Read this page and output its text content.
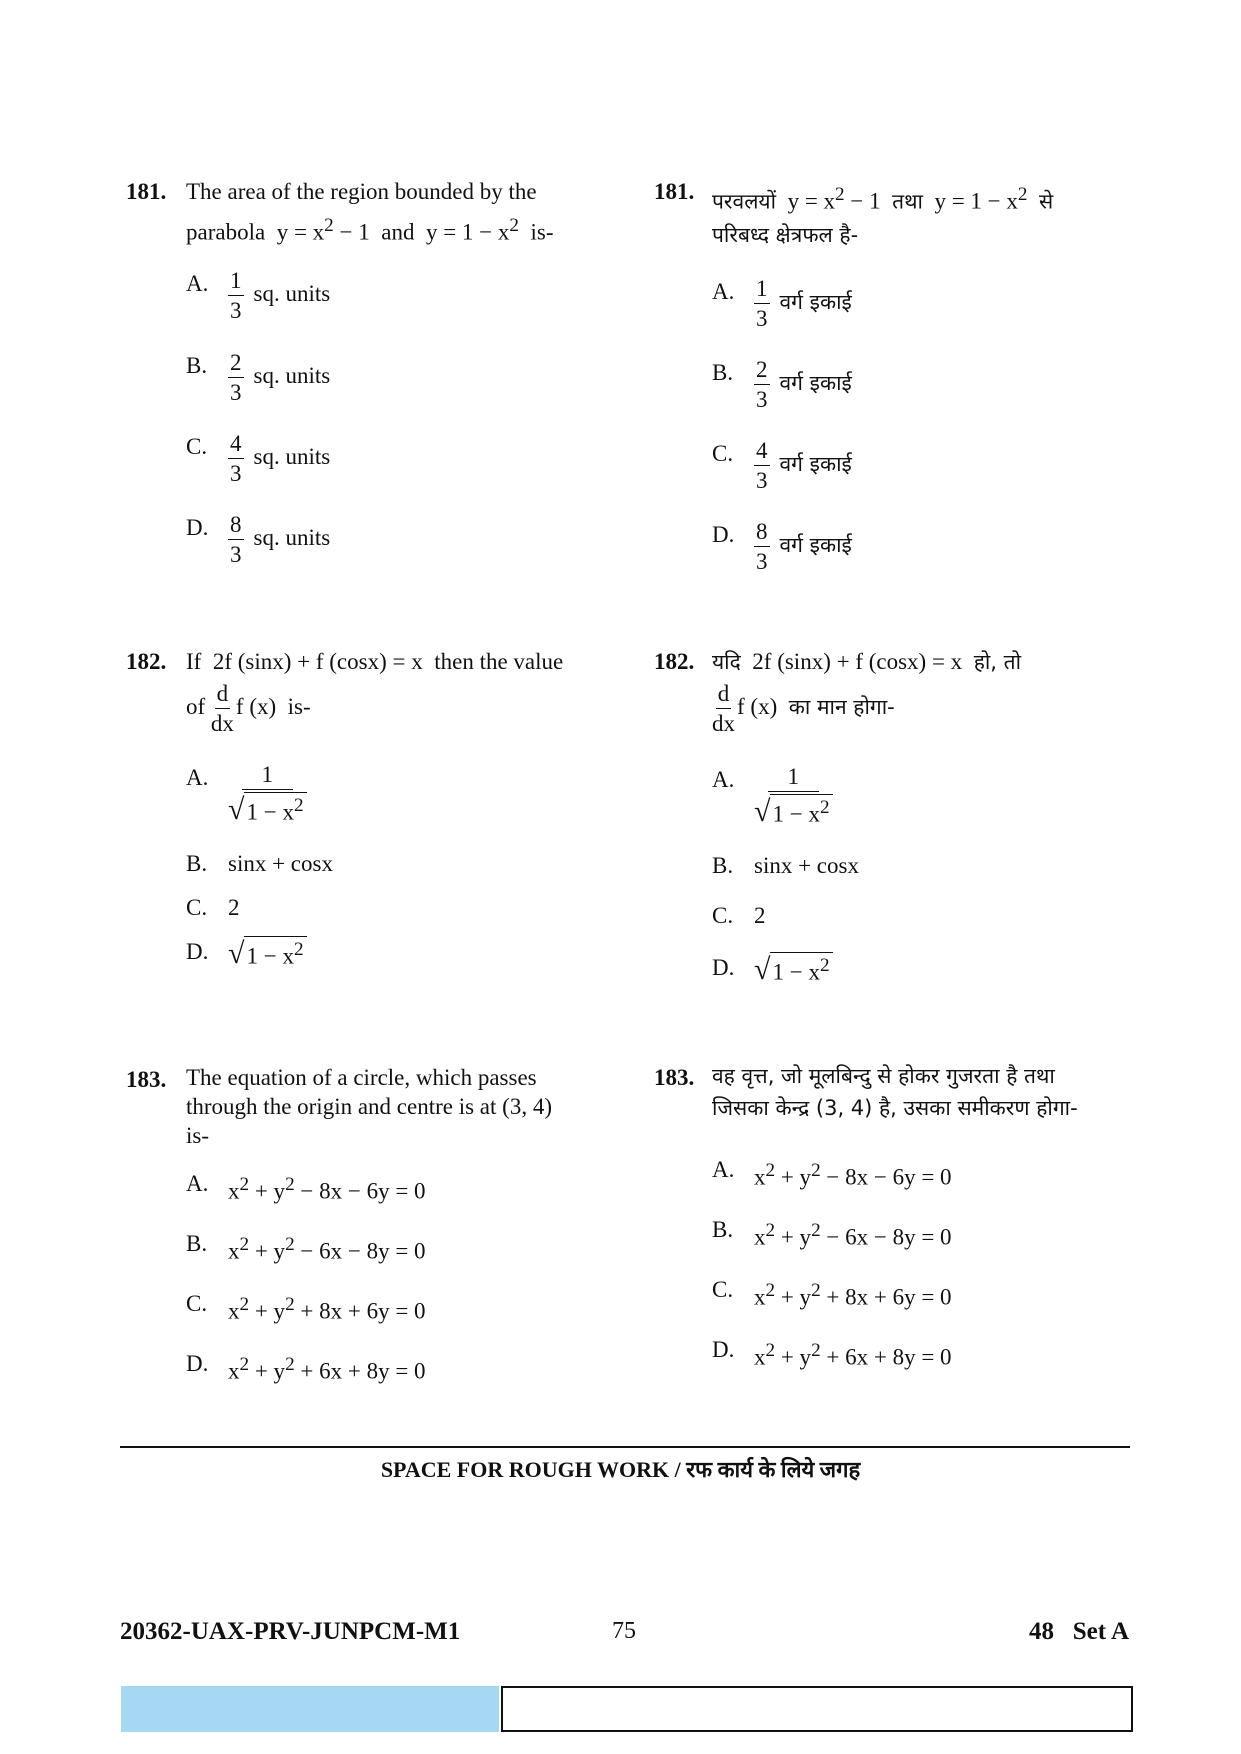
181. The area of the region bounded by the
parabola $y = x^2 - 1$ and $y = 1 - x^2$ is-
A. $\frac{1}{3}$ sq. units
B. $\frac{2}{3}$ sq. units
C. $\frac{4}{3}$ sq. units
D. $\frac{8}{3}$ sq. units
182. If 2f (sinx) + f (cosx) = x then the value
of $\frac{d}{dx}$ f (x) is-
A. $\frac{1}{√ 1 - x^2}$
B. sinx + cosx
C. 2
D. √ $1 - x^2$
183. The equation of a circle, which passes
through the origin and centre is at (3, 4)
is-
A. $x^2 + y^2 - 8x - 6y = 0$
B. $x^2 + y^2 - 6x - 8y = 0$
C. $x^2 + y^2 + 8x + 6y = 0$
D. $x^2 + y^2 + 6x + 8y = 0$
181. परवलयों $y = x^2 - 1$ तथा $y = 1 - x^2$ से
परिबध्द क्षेत्रफल है-
A. $\frac{1}{3}$ वर्ग इकाई
B. $\frac{2}{3}$ वर्ग इकाई
C. $\frac{4}{3}$ वर्ग इकाई
D. $\frac{8}{3}$ वर्ग इकाई
182. यदि 2f (sinx) + f (cosx) = x हो, तो
$\frac{d}{dx}$ f (x) का मान होगा-
A. $\frac{1}{√ 1 - x^2}$
B. sinx + cosx
C. 2
D. √ $1 - x^2$
183. वह वृत्त, जो मूलबिन्दु से होकर गुजरता है तथा
जिसका केन्द्र (3, 4) है, उसका समीकरण होगा-
A. $x^2 + y^2 - 8x - 6y = 0$
B. $x^2 + y^2 - 6x - 8y = 0$
C. $x^2 + y^2 + 8x + 6y = 0$
D. $x^2 + y^2 + 6x + 8y = 0$
SPACE FOR ROUGH WORK / रफ कार्य के लिये जगह
20362-UAX-PRV-JUNPCM-M1	75	48   Set A
